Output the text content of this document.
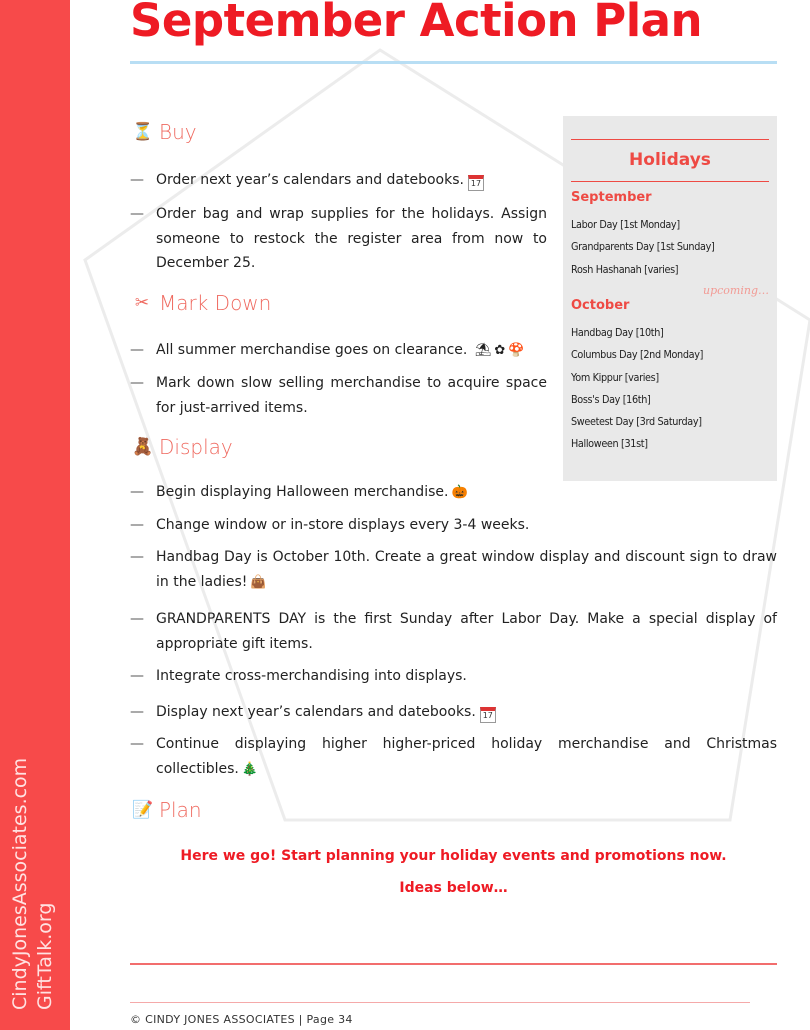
CindyJonesAssociates.com GiftTalk.org
September Action Plan
⏳ Buy
— Order next year’s calendars and datebooks. 17
— Order bag and wrap supplies for the holidays. Assign someone to restock the register area from now to December 25.
✂ Mark Down
— All summer merchandise goes on clearance. ⛱ ✿ 🍄
— Mark down slow selling merchandise to acquire space for just-arrived items.
Holidays
September
Labor Day [1st Monday]
Grandparents Day [1st Sunday]
Rosh Hashanah [varies]
upcoming…
October
Handbag Day [10th]
Columbus Day [2nd Monday]
Yom Kippur [varies]
Boss's Day [16th]
Sweetest Day [3rd Saturday]
Halloween [31st]
🧸 Display
— Begin displaying Halloween merchandise. 🎃
— Change window or in-store displays every 3-4 weeks.
— Handbag Day is October 10th. Create a great window display and discount sign to draw in the ladies! 👜
— GRANDPARENTS DAY is the first Sunday after Labor Day. Make a special display of appropriate gift items.
— Integrate cross-merchandising into displays.
— Display next year’s calendars and datebooks. 17
— Continue displaying higher higher-priced holiday merchandise and Christmas collectibles. 🎄
📝 Plan
Here we go! Start planning your holiday events and promotions now.
Ideas below…
© CINDY JONES ASSOCIATES | Page 34
